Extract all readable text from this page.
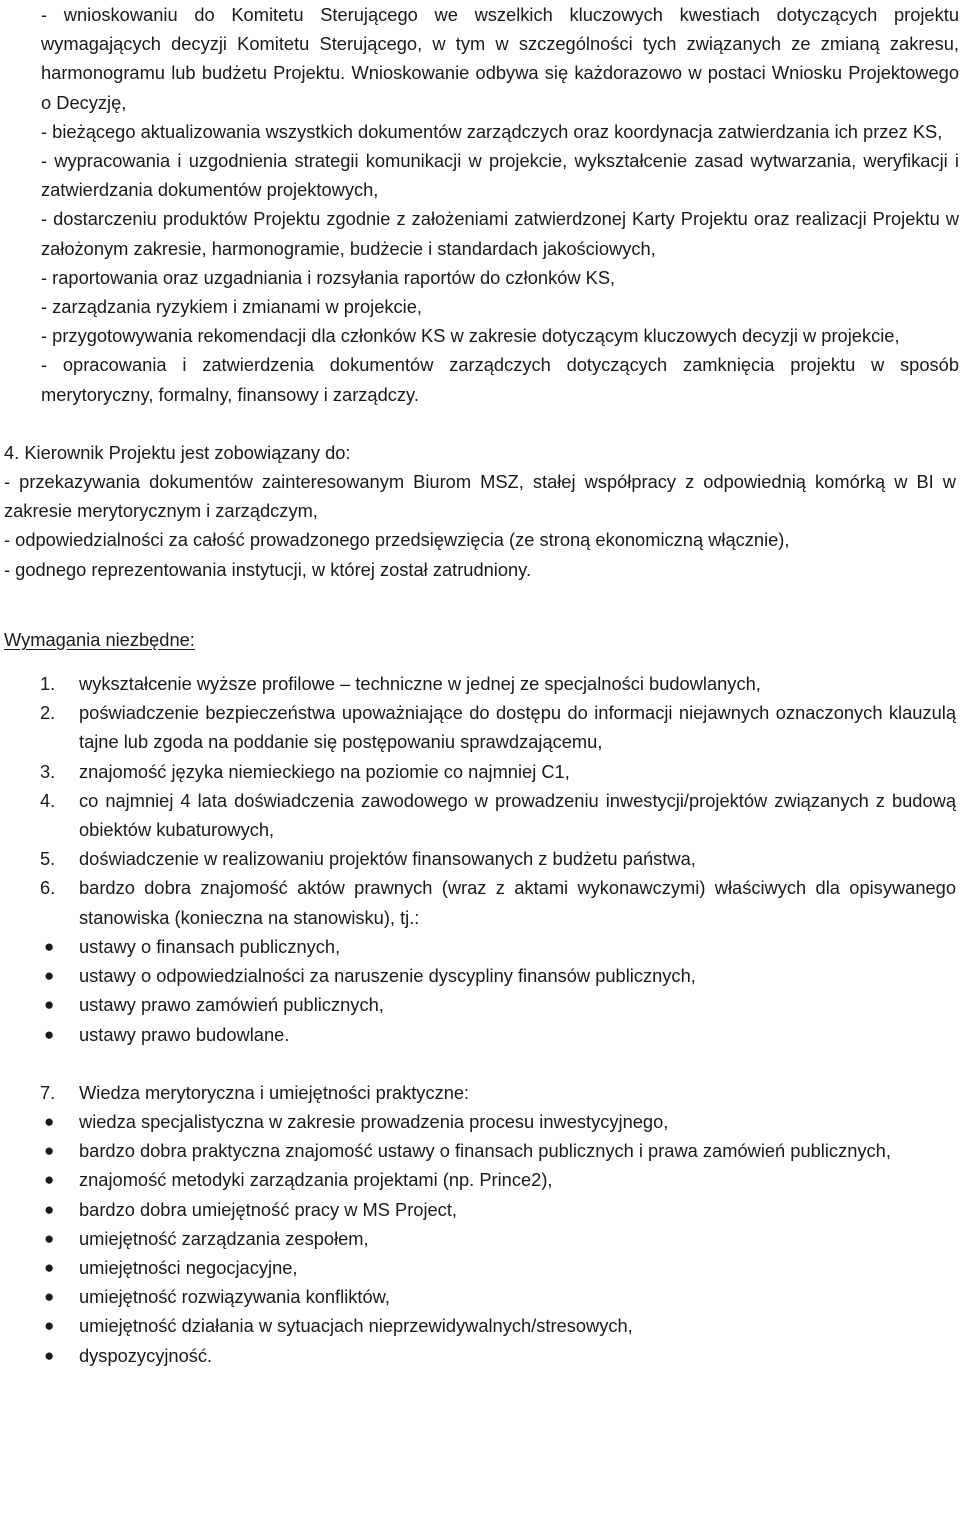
- wnioskowaniu do Komitetu Sterującego we wszelkich kluczowych kwestiach dotyczących projektu wymagających decyzji Komitetu Sterującego, w tym w szczególności tych związanych ze zmianą zakresu, harmonogramu lub budżetu Projektu. Wnioskowanie odbywa się każdorazowo w postaci Wniosku Projektowego o Decyzję,

- bieżącego aktualizowania wszystkich dokumentów zarządczych oraz koordynacja zatwierdzania ich przez KS,

- wypracowania i uzgodnienia strategii komunikacji w projekcie, wykształcenie zasad wytwarzania, weryfikacji i zatwierdzania dokumentów projektowych,

- dostarczeniu produktów Projektu zgodnie z założeniami zatwierdzonej Karty Projektu oraz realizacji Projektu w założonym zakresie, harmonogramie, budżecie i standardach jakościowych,

- raportowania oraz uzgadniania i rozsyłania raportów do członków KS,

- zarządzania ryzykiem i zmianami w projekcie,

- przygotowywania rekomendacji dla członków KS w zakresie dotyczącym kluczowych decyzji w projekcie,

- opracowania i zatwierdzenia dokumentów zarządczych dotyczących zamknięcia projektu w sposób merytoryczny, formalny, finansowy i zarządczy.

4. Kierownik Projektu jest zobowiązany do:

- przekazywania dokumentów zainteresowanym Biurom MSZ, stałej współpracy z odpowiednią komórką w BI w zakresie merytorycznym i zarządczym,

- odpowiedzialności za całość prowadzonego przedsięwzięcia (ze stroną ekonomiczną włącznie),

- godnego reprezentowania instytucji, w której został zatrudniony.

Wymagania niezbędne:

1. wykształcenie wyższe profilowe – techniczne w jednej ze specjalności budowlanych,
2. poświadczenie bezpieczeństwa upoważniające do dostępu do informacji niejawnych oznaczonych klauzulą tajne lub zgoda na poddanie się postępowaniu sprawdzającemu,
3. znajomość języka niemieckiego na poziomie co najmniej C1,
4. co najmniej 4 lata doświadczenia zawodowego w prowadzeniu inwestycji/projektów związanych z budową obiektów kubaturowych,
5. doświadczenie w realizowaniu projektów finansowanych z budżetu państwa,
6. bardzo dobra znajomość aktów prawnych (wraz z aktami wykonawczymi) właściwych dla opisywanego stanowiska (konieczna na stanowisku), tj.:
● ustawy o finansach publicznych,
● ustawy o odpowiedzialności za naruszenie dyscypliny finansów publicznych,
● ustawy prawo zamówień publicznych,
● ustawy prawo budowlane.
7. Wiedza merytoryczna i umiejętności praktyczne:
● wiedza specjalistyczna w zakresie prowadzenia procesu inwestycyjnego,
● bardzo dobra praktyczna znajomość ustawy o finansach publicznych i prawa zamówień publicznych,
● znajomość metodyki zarządzania projektami (np. Prince2),
● bardzo dobra umiejętność pracy w MS Project,
● umiejętność zarządzania zespołem,
● umiejętności negocjacyjne,
● umiejętność rozwiązywania konfliktów,
● umiejętność działania w sytuacjach nieprzewidywalnych/stresowych,
● dyspozycyjność.
